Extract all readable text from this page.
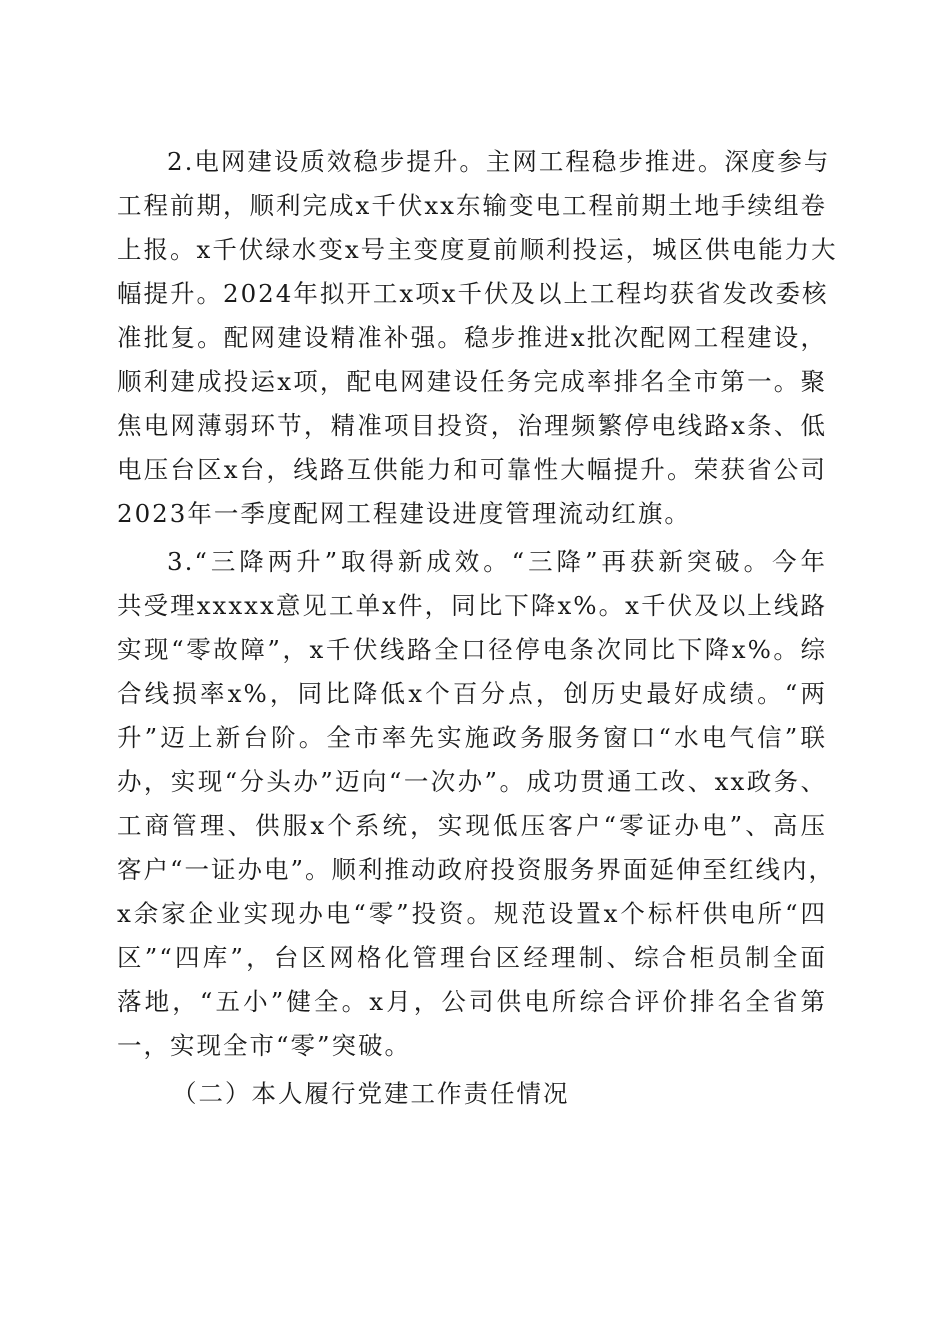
2.电网建设质效稳步提升。主网工程稳步推进。深度参与
工程前期，顺利完成x千伏xx东输变电工程前期土地手续组卷
上报。x千伏绿水变x号主变度夏前顺利投运，城区供电能力大
幅提升。2024年拟开工x项x千伏及以上工程均获省发改委核
准批复。配网建设精准补强。稳步推进x批次配网工程建设，
顺利建成投运x项，配电网建设任务完成率排名全市第一。聚
焦电网薄弱环节，精准项目投资，治理频繁停电线路x条、低
电压台区x台，线路互供能力和可靠性大幅提升。荣获省公司
2023年一季度配网工程建设进度管理流动红旗。
3.“三降两升”取得新成效。“三降”再获新突破。今年
共受理xxxxx意见工单x件，同比下降x%。x千伏及以上线路
实现“零故障”，x千伏线路全口径停电条次同比下降x%。综
合线损率x%，同比降低x个百分点，创历史最好成绩。“两
升”迈上新台阶。全市率先实施政务服务窗口“水电气信”联
办，实现“分头办”迈向“一次办”。成功贯通工改、xx政务、
工商管理、供服x个系统，实现低压客户“零证办电”、高压
客户“一证办电”。顺利推动政府投资服务界面延伸至红线内，
x余家企业实现办电“零”投资。规范设置x个标杆供电所“四
区”“四库”，台区网格化管理台区经理制、综合柜员制全面
落地，“五小”健全。x月，公司供电所综合评价排名全省第
一，实现全市“零”突破。
（二）本人履行党建工作责任情况
